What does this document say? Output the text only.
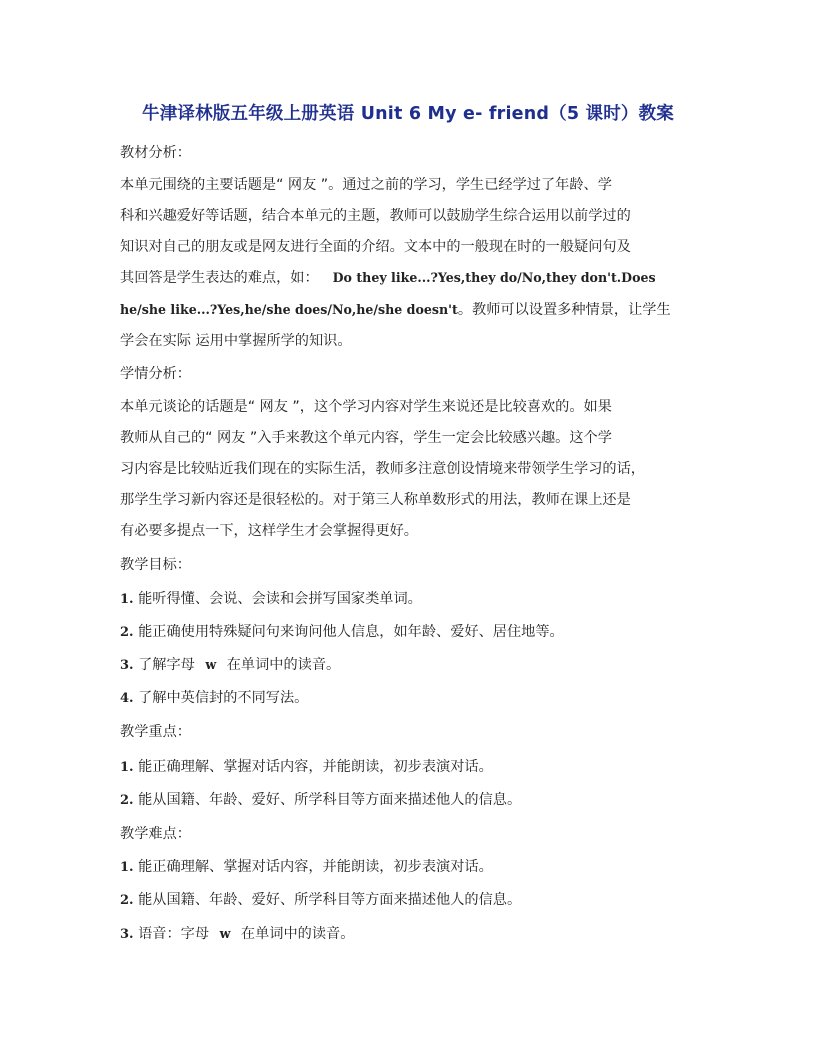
牛津译林版五年级上册英语 Unit 6 My e- friend（5 课时）教案
教材分析：
本单元围绕的主要话题是“ 网友 ”。通过之前的学习，学生已经学过了年龄、学
科和兴趣爱好等话题，结合本单元的主题，教师可以鼓励学生综合运用以前学过的
知识对自己的朋友或是网友进行全面的介绍。文本中的一般现在时的一般疑问句及
其回答是学生表达的难点，如： Do they like...?Yes,they do/No,they don't.Does
he/she like...?Yes,he/she does/No,he/she doesn't。教师可以设置多种情景，让学生
学会在实际 运用中掌握所学的知识。
学情分析：
本单元谈论的话题是“ 网友 ”，这个学习内容对学生来说还是比较喜欢的。如果
教师从自己的“ 网友 ”入手来教这个单元内容，学生一定会比较感兴趣。这个学
习内容是比较贴近我们现在的实际生活，教师多注意创设情境来带领学生学习的话，
那学生学习新内容还是很轻松的。对于第三人称单数形式的用法，教师在课上还是
有必要多提点一下，这样学生才会掌握得更好。
教学目标：
1. 能听得懂、会说、会读和会拼写国家类单词。
2. 能正确使用特殊疑问句来询问他人信息，如年龄、爱好、居住地等。
3. 了解字母 w 在单词中的读音。
4. 了解中英信封的不同写法。
教学重点：
1. 能正确理解、掌握对话内容，并能朗读，初步表演对话。
2. 能从国籍、年龄、爱好、所学科目等方面来描述他人的信息。
教学难点：
1. 能正确理解、掌握对话内容，并能朗读，初步表演对话。
2. 能从国籍、年龄、爱好、所学科目等方面来描述他人的信息。
3. 语音：字母 w 在单词中的读音。
